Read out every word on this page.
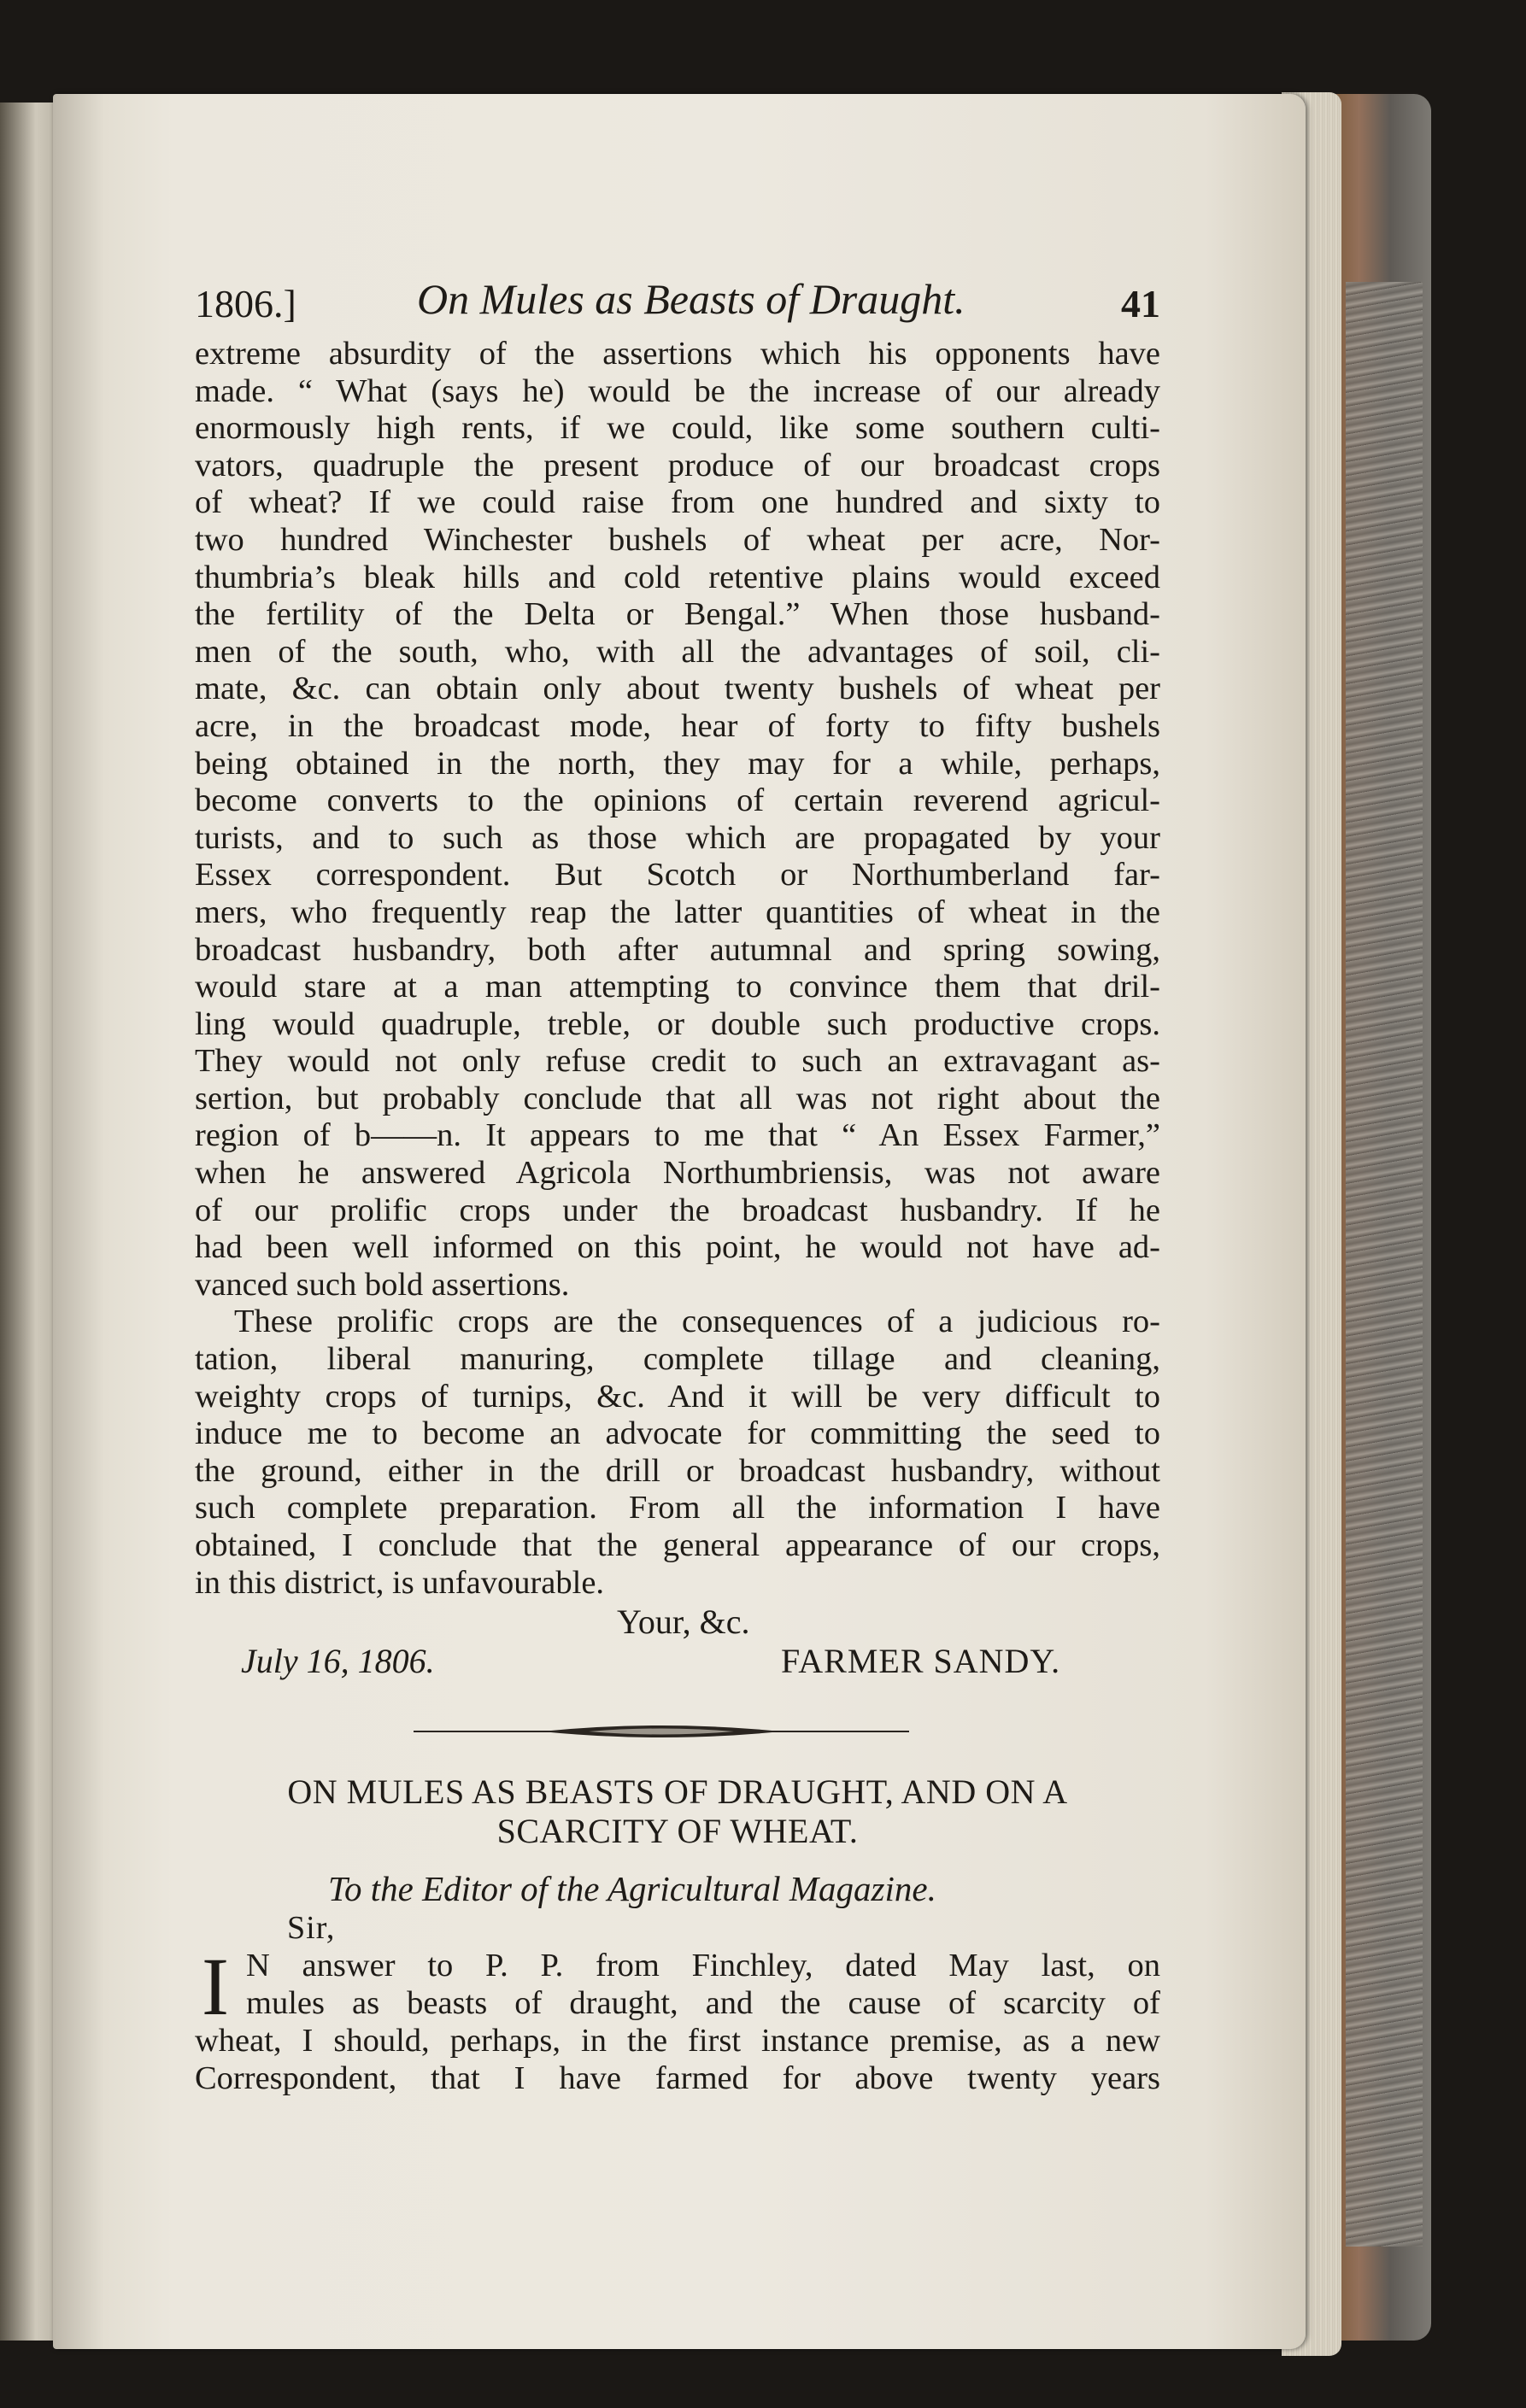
1806.]	On Mules as Beasts of Draught.	41
extreme absurdity of the assertions which his opponents have
made. “ What (says he) would be the increase of our already
enormously high rents, if we could, like some southern culti-
vators, quadruple the present produce of our broadcast crops
of wheat? If we could raise from one hundred and sixty to
two hundred Winchester bushels of wheat per acre, Nor-
thumbria’s bleak hills and cold retentive plains would exceed
the fertility of the Delta or Bengal.” When those husband-
men of the south, who, with all the advantages of soil, cli-
mate, &c. can obtain only about twenty bushels of wheat per
acre, in the broadcast mode, hear of forty to fifty bushels
being obtained in the north, they may for a while, perhaps,
become converts to the opinions of certain reverend agricul-
turists, and to such as those which are propagated by your
Essex correspondent. But Scotch or Northumberland far-
mers, who frequently reap the latter quantities of wheat in the
broadcast husbandry, both after autumnal and spring sowing,
would stare at a man attempting to convince them that dril-
ling would quadruple, treble, or double such productive crops.
They would not only refuse credit to such an extravagant as-
sertion, but probably conclude that all was not right about the
region of b——n. It appears to me that “ An Essex Farmer,”
when he answered Agricola Northumbriensis, was not aware
of our prolific crops under the broadcast husbandry. If he
had been well informed on this point, he would not have ad-
vanced such bold assertions.
These prolific crops are the consequences of a judicious ro-
tation, liberal manuring, complete tillage and cleaning,
weighty crops of turnips, &c. And it will be very difficult to
induce me to become an advocate for committing the seed to
the ground, either in the drill or broadcast husbandry, without
such complete preparation. From all the information I have
obtained, I conclude that the general appearance of our crops,
in this district, is unfavourable.
Your, &c.
July 16, 1806.	FARMER SANDY.
ON MULES AS BEASTS OF DRAUGHT, AND ON A
SCARCITY OF WHEAT.
To the Editor of the Agricultural Magazine.
Sir,
I N answer to P. P. from Finchley, dated May last, on
mules as beasts of draught, and the cause of scarcity of
wheat, I should, perhaps, in the first instance premise, as a new
Correspondent, that I have farmed for above twenty years
